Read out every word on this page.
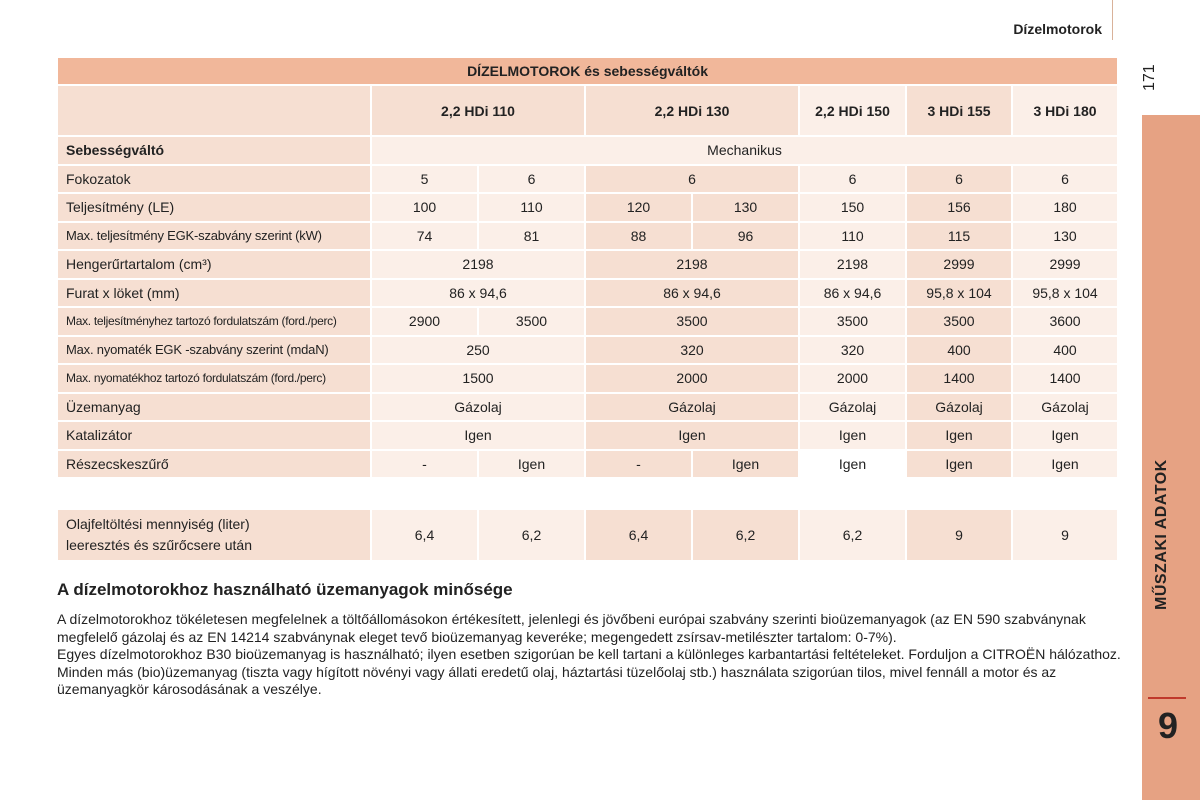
Dízelmotorok
171
MŰSZAKI ADATOK
9
DÍZELMOTOROK és sebességváltók							
	2,2 HDi 110		2,2 HDi 130		2,2 HDi 150	3 HDi 155	3 HDi 180
Sebességváltó	Mechanikus						
Fokozatok	5	6	6		6	6	6
Teljesítmény (LE)	100	110	120	130	150	156	180
Max. teljesítmény EGK-szabvány szerint (kW)	74	81	88	96	110	115	130
Hengerűrtartalom (cm³)	2198		2198		2198	2999	2999
Furat x löket (mm)	86 x 94,6		86 x 94,6		86 x 94,6	95,8 x 104	95,8 x 104
Max. teljesítményhez tartozó fordulatszám (ford./perc)	2900	3500	3500		3500	3500	3600
Max. nyomaték EGK -szabvány szerint (mdaN)	250		320		320	400	400
Max. nyomatékhoz tartozó fordulatszám (ford./perc)	1500		2000		2000	1400	1400
Üzemanyag	Gázolaj		Gázolaj		Gázolaj	Gázolaj	Gázolaj
Katalizátor	Igen		Igen		Igen	Igen	Igen
Részecskeszűrő	-	Igen	-	Igen	Igen	Igen	Igen
Olajfeltöltési mennyiség (liter)
leeresztés és szűrőcsere után
	6,4	6,2	6,4	6,2	6,2	9	9
A dízelmotorokhoz használható üzemanyagok minősége

A dízelmotorokhoz tökéletesen megfelelnek a töltőállomásokon értékesített, jelenlegi és jövőbeni európai szabvány szerinti bioüzemanyagok (az EN 590 szabványnak megfelelő gázolaj és az EN 14214 szabványnak eleget tevő bioüzemanyag keveréke; megengedett zsírsav-metilészter tartalom: 0-7%).

Egyes dízelmotorokhoz B30 bioüzemanyag is használható; ilyen esetben szigorúan be kell tartani a különleges karbantartási feltételeket. Forduljon a CITROËN hálózathoz.

Minden más (bio)üzemanyag (tiszta vagy hígított növényi vagy állati eredetű olaj, háztartási tüzelőolaj stb.) használata szigorúan tilos, mivel fennáll a motor és az üzemanyagkör károsodásának a veszélye.
